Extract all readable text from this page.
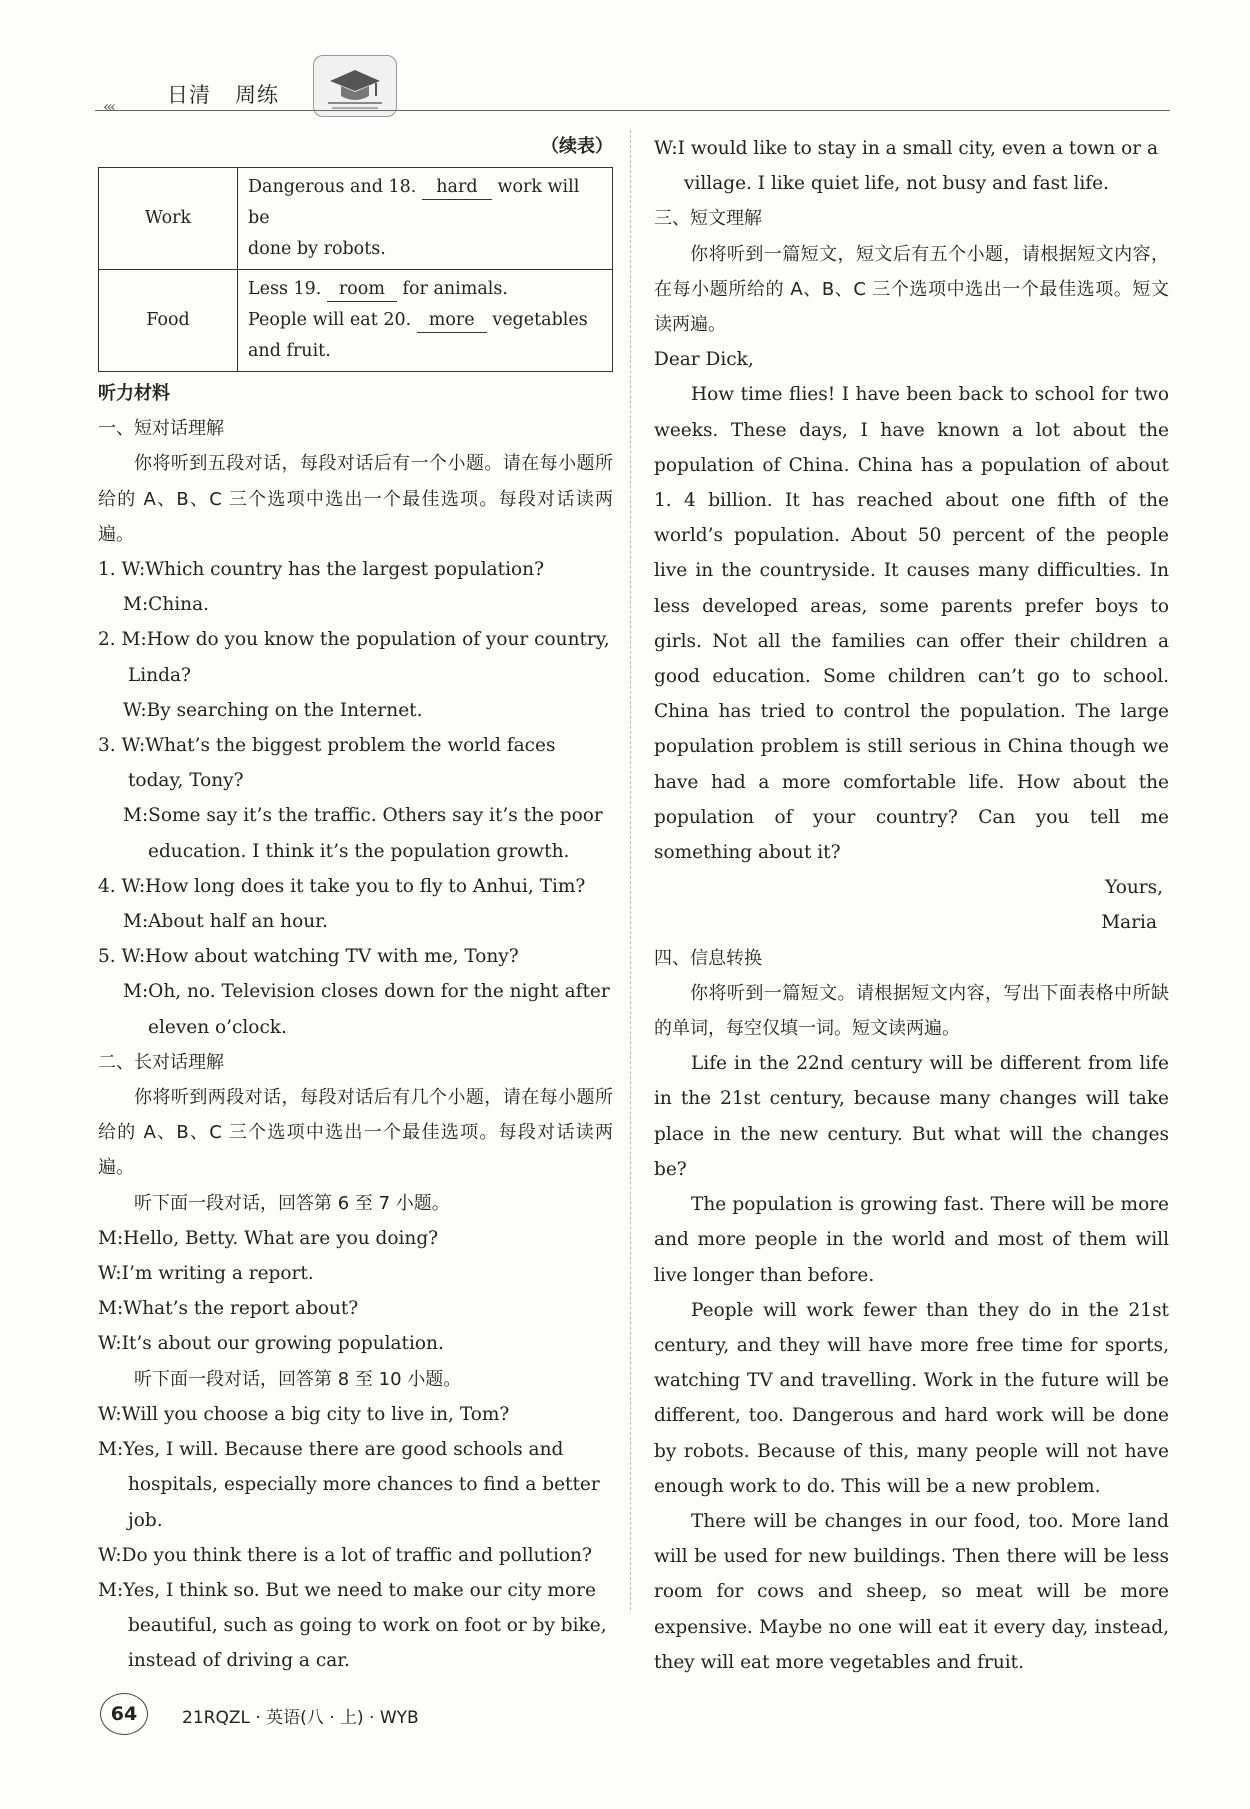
‹‹‹	日清 周练
（续表）
Work	Dangerous and 18. hard work will be
done by robots.
Food	Less 19. room for animals.
People will eat 20. more vegetables
and fruit.

听力材料

一、短对话理解

你将听到五段对话，每段对话后有一个小题。请在每小题所给的 A、B、C 三个选项中选出一个最佳选项。每段对话读两遍。

1. W:Which country has the largest population?

M:China.

2. M:How do you know the population of your country, Linda?

W:By searching on the Internet.

3. W:What’s the biggest problem the world faces today, Tony?

M:Some say it’s the traffic. Others say it’s the poor education. I think it’s the population growth.

4. W:How long does it take you to fly to Anhui, Tim?

M:About half an hour.

5. W:How about watching TV with me, Tony?

M:Oh, no. Television closes down for the night after eleven o’clock.

二、长对话理解

你将听到两段对话，每段对话后有几个小题，请在每小题所给的 A、B、C 三个选项中选出一个最佳选项。每段对话读两遍。

听下面一段对话，回答第 6 至 7 小题。

M:Hello, Betty. What are you doing?

W:I’m writing a report.

M:What’s the report about?

W:It’s about our growing population.

听下面一段对话，回答第 8 至 10 小题。

W:Will you choose a big city to live in, Tom?

M:Yes, I will. Because there are good schools and hospitals, especially more chances to find a better job.

W:Do you think there is a lot of traffic and pollution?

M:Yes, I think so. But we need to make our city more beautiful, such as going to work on foot or by bike, instead of driving a car.

W:I would like to stay in a small city, even a town or a village. I like quiet life, not busy and fast life.

三、短文理解

你将听到一篇短文，短文后有五个小题，请根据短文内容，在每小题所给的 A、B、C 三个选项中选出一个最佳选项。短文读两遍。

Dear Dick,

How time flies! I have been back to school for two weeks. These days, I have known a lot about the population of China. China has a population of about 1. 4 billion. It has reached about one fifth of the world’s population. About 50 percent of the people live in the countryside. It causes many difficulties. In less developed areas, some parents prefer boys to girls. Not all the families can offer their children a good education. Some children can’t go to school. China has tried to control the population. The large population problem is still serious in China though we have had a more comfortable life. How about the population of your country? Can you tell me something about it?

Yours,

Maria

四、信息转换

你将听到一篇短文。请根据短文内容，写出下面表格中所缺的单词，每空仅填一词。短文读两遍。

Life in the 22nd century will be different from life in the 21st century, because many changes will take place in the new century. But what will the changes be?

The population is growing fast. There will be more and more people in the world and most of them will live longer than before.

People will work fewer than they do in the 21st century, and they will have more free time for sports, watching TV and travelling. Work in the future will be different, too. Dangerous and hard work will be done by robots. Because of this, many people will not have enough work to do. This will be a new problem.

There will be changes in our food, too. More land will be used for new buildings. Then there will be less room for cows and sheep, so meat will be more expensive. Maybe no one will eat it every day, instead, they will eat more vegetables and fruit.

64	21RQZL · 英语(八 · 上) · WYB
